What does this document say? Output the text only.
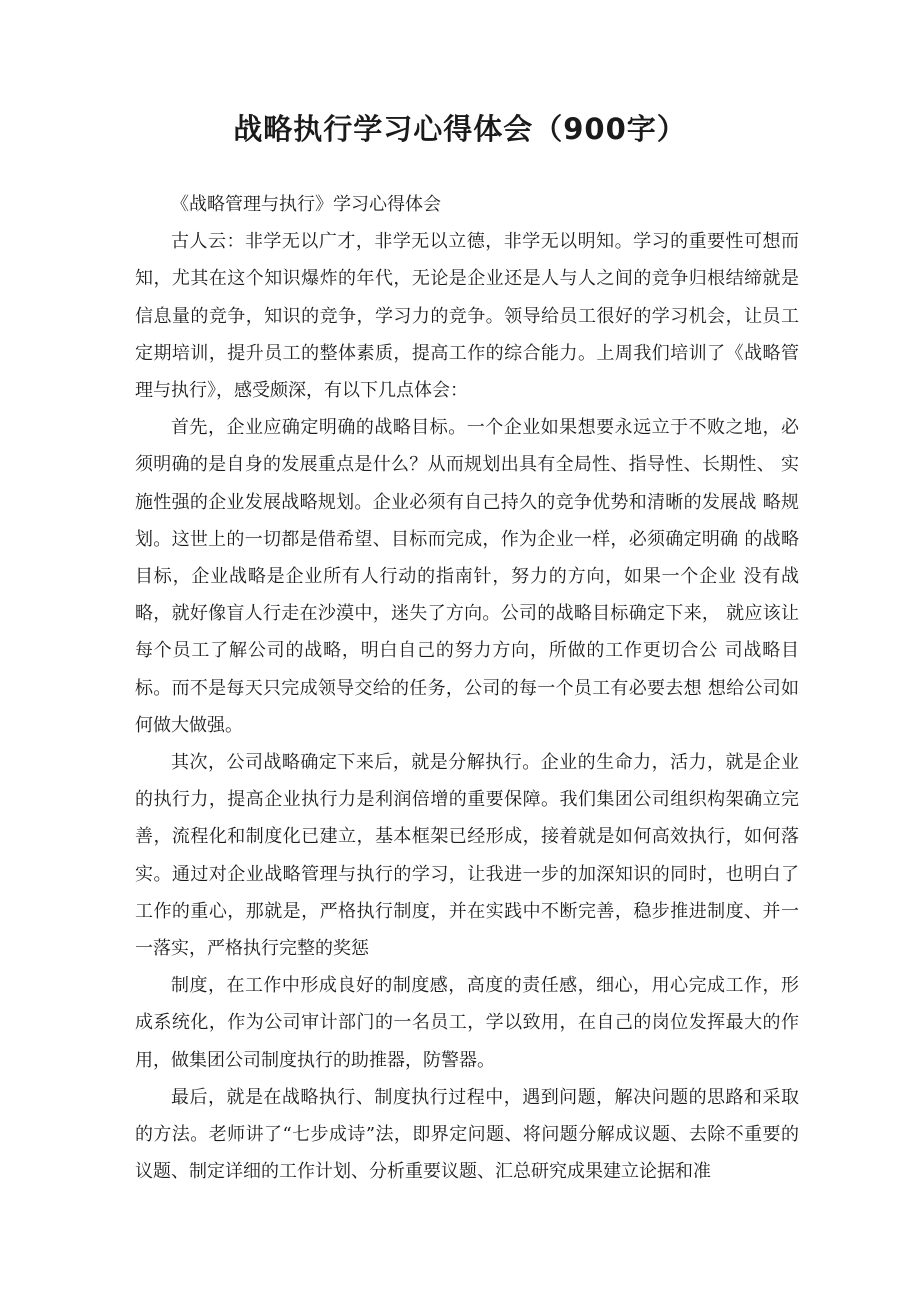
战略执行学习心得体会（900字）

《战略管理与执行》学习心得体会

古人云：非学无以广才，非学无以立德，非学无以明知。学习的重要性可想而知，尤其在这个知识爆炸的年代，无论是企业还是人与人之间的竞争归根结缔就是信息量的竞争，知识的竞争，学习力的竞争。领导给员工很好的学习机会，让员工定期培训，提升员工的整体素质，提高工作的综合能力。上周我们培训了《战略管理与执行》，感受颇深，有以下几点体会：

首先，企业应确定明确的战略目标。一个企业如果想要永远立于不败之地，必须明确的是自身的发展重点是什么？从而规划出具有全局性、指导性、长期性、 实施性强的企业发展战略规划。企业必须有自己持久的竞争优势和清晰的发展战 略规划。这世上的一切都是借希望、目标而完成，作为企业一样，必须确定明确 的战略目标，企业战略是企业所有人行动的指南针，努力的方向，如果一个企业 没有战略，就好像盲人行走在沙漠中，迷失了方向。公司的战略目标确定下来， 就应该让每个员工了解公司的战略，明白自己的努力方向，所做的工作更切合公 司战略目标。而不是每天只完成领导交给的任务，公司的每一个员工有必要去想 想给公司如何做大做强。

其次，公司战略确定下来后，就是分解执行。企业的生命力，活力，就是企业的执行力，提高企业执行力是利润倍增的重要保障。我们集团公司组织构架确立完善，流程化和制度化已建立，基本框架已经形成，接着就是如何高效执行，如何落实。通过对企业战略管理与执行的学习，让我进一步的加深知识的同时，也明白了工作的重心，那就是，严格执行制度，并在实践中不断完善，稳步推进制度、并一一落实，严格执行完整的奖惩

制度，在工作中形成良好的制度感，高度的责任感，细心，用心完成工作，形成系统化，作为公司审计部门的一名员工，学以致用，在自己的岗位发挥最大的作用，做集团公司制度执行的助推器，防警器。

最后，就是在战略执行、制度执行过程中，遇到问题，解决问题的思路和采取的方法。老师讲了“七步成诗”法，即界定问题、将问题分解成议题、去除不重要的议题、制定详细的工作计划、分析重要议题、汇总研究成果建立论据和准
